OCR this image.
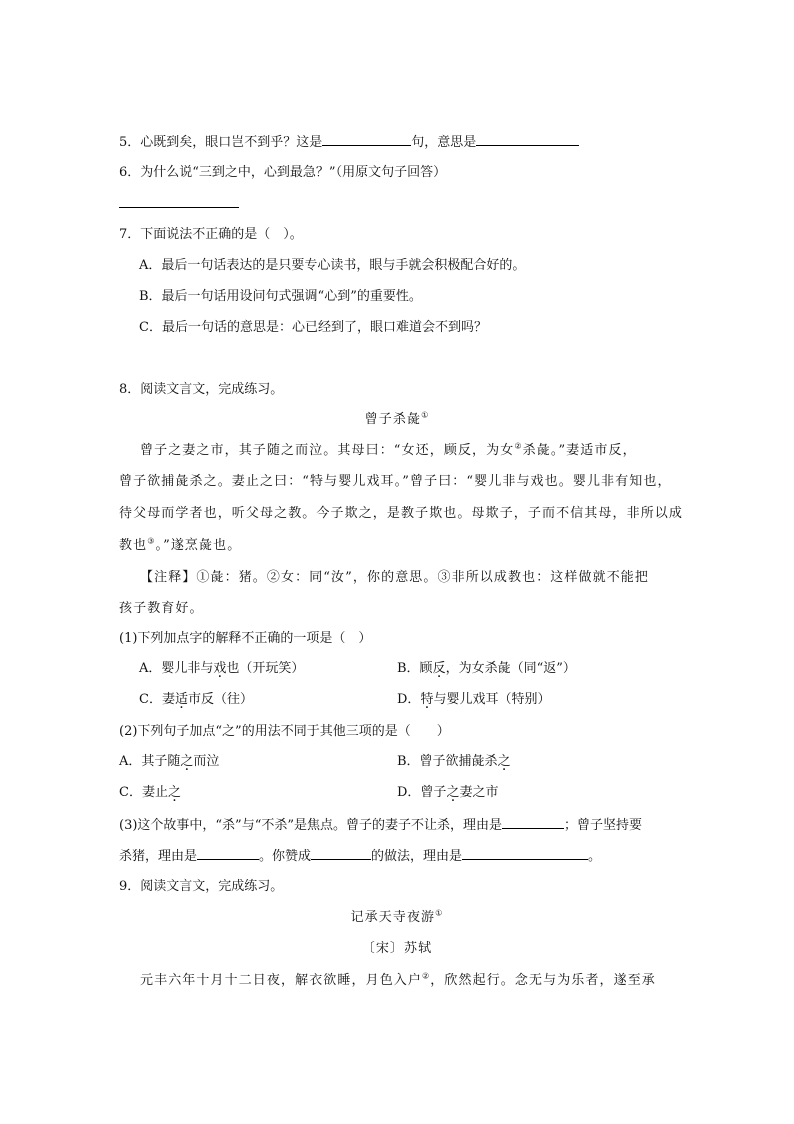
5．心既到矣，眼口岂不到乎？这是	句，意思是
6．为什么说“三到之中，心到最急？”（用原文句子回答）
7．下面说法不正确的是（　）。
A．最后一句话表达的是只要专心读书，眼与手就会积极配合好的。
B．最后一句话用设问句式强调“心到”的重要性。
C．最后一句话的意思是：心已经到了，眼口难道会不到吗？
8．阅读文言文，完成练习。
曾子杀彘①
曾子之妻之市，其子随之而泣。其母曰：“女还，顾反，为女②杀彘。”妻适市反，
曾子欲捕彘杀之。妻止之曰：“特与婴儿戏耳。”曾子曰：“婴儿非与戏也。婴儿非有知也，
待父母而学者也，听父母之教。今子欺之，是教子欺也。母欺子，子而不信其母，非所以成
教也③。”遂烹彘也。
【注释】①彘：猪。②女：同“汝”，你的意思。③非所以成教也：这样做就不能把
孩子教育好。
(1)下列加点字的解释不正确的一项是（　）
A．婴儿非与戏也（开玩笑）	B．顾反，为女杀彘（同“返”）
C．妻适市反（往）	D．特与婴儿戏耳（特别）
(2)下列句子加点“之”的用法不同于其他三项的是（　　）
A．其子随之而泣	B．曾子欲捕彘杀之
C．妻止之	D．曾子之妻之市
(3)这个故事中，“杀”与“不杀”是焦点。曾子的妻子不让杀，理由是	；曾子坚持要
杀猪，理由是	。你赞成	的做法，理由是	。
9．阅读文言文，完成练习。
记承天寺夜游①
〔宋〕苏轼
元丰六年十月十二日夜，解衣欲睡，月色入户②，欣然起行。念无与为乐者，遂至承
